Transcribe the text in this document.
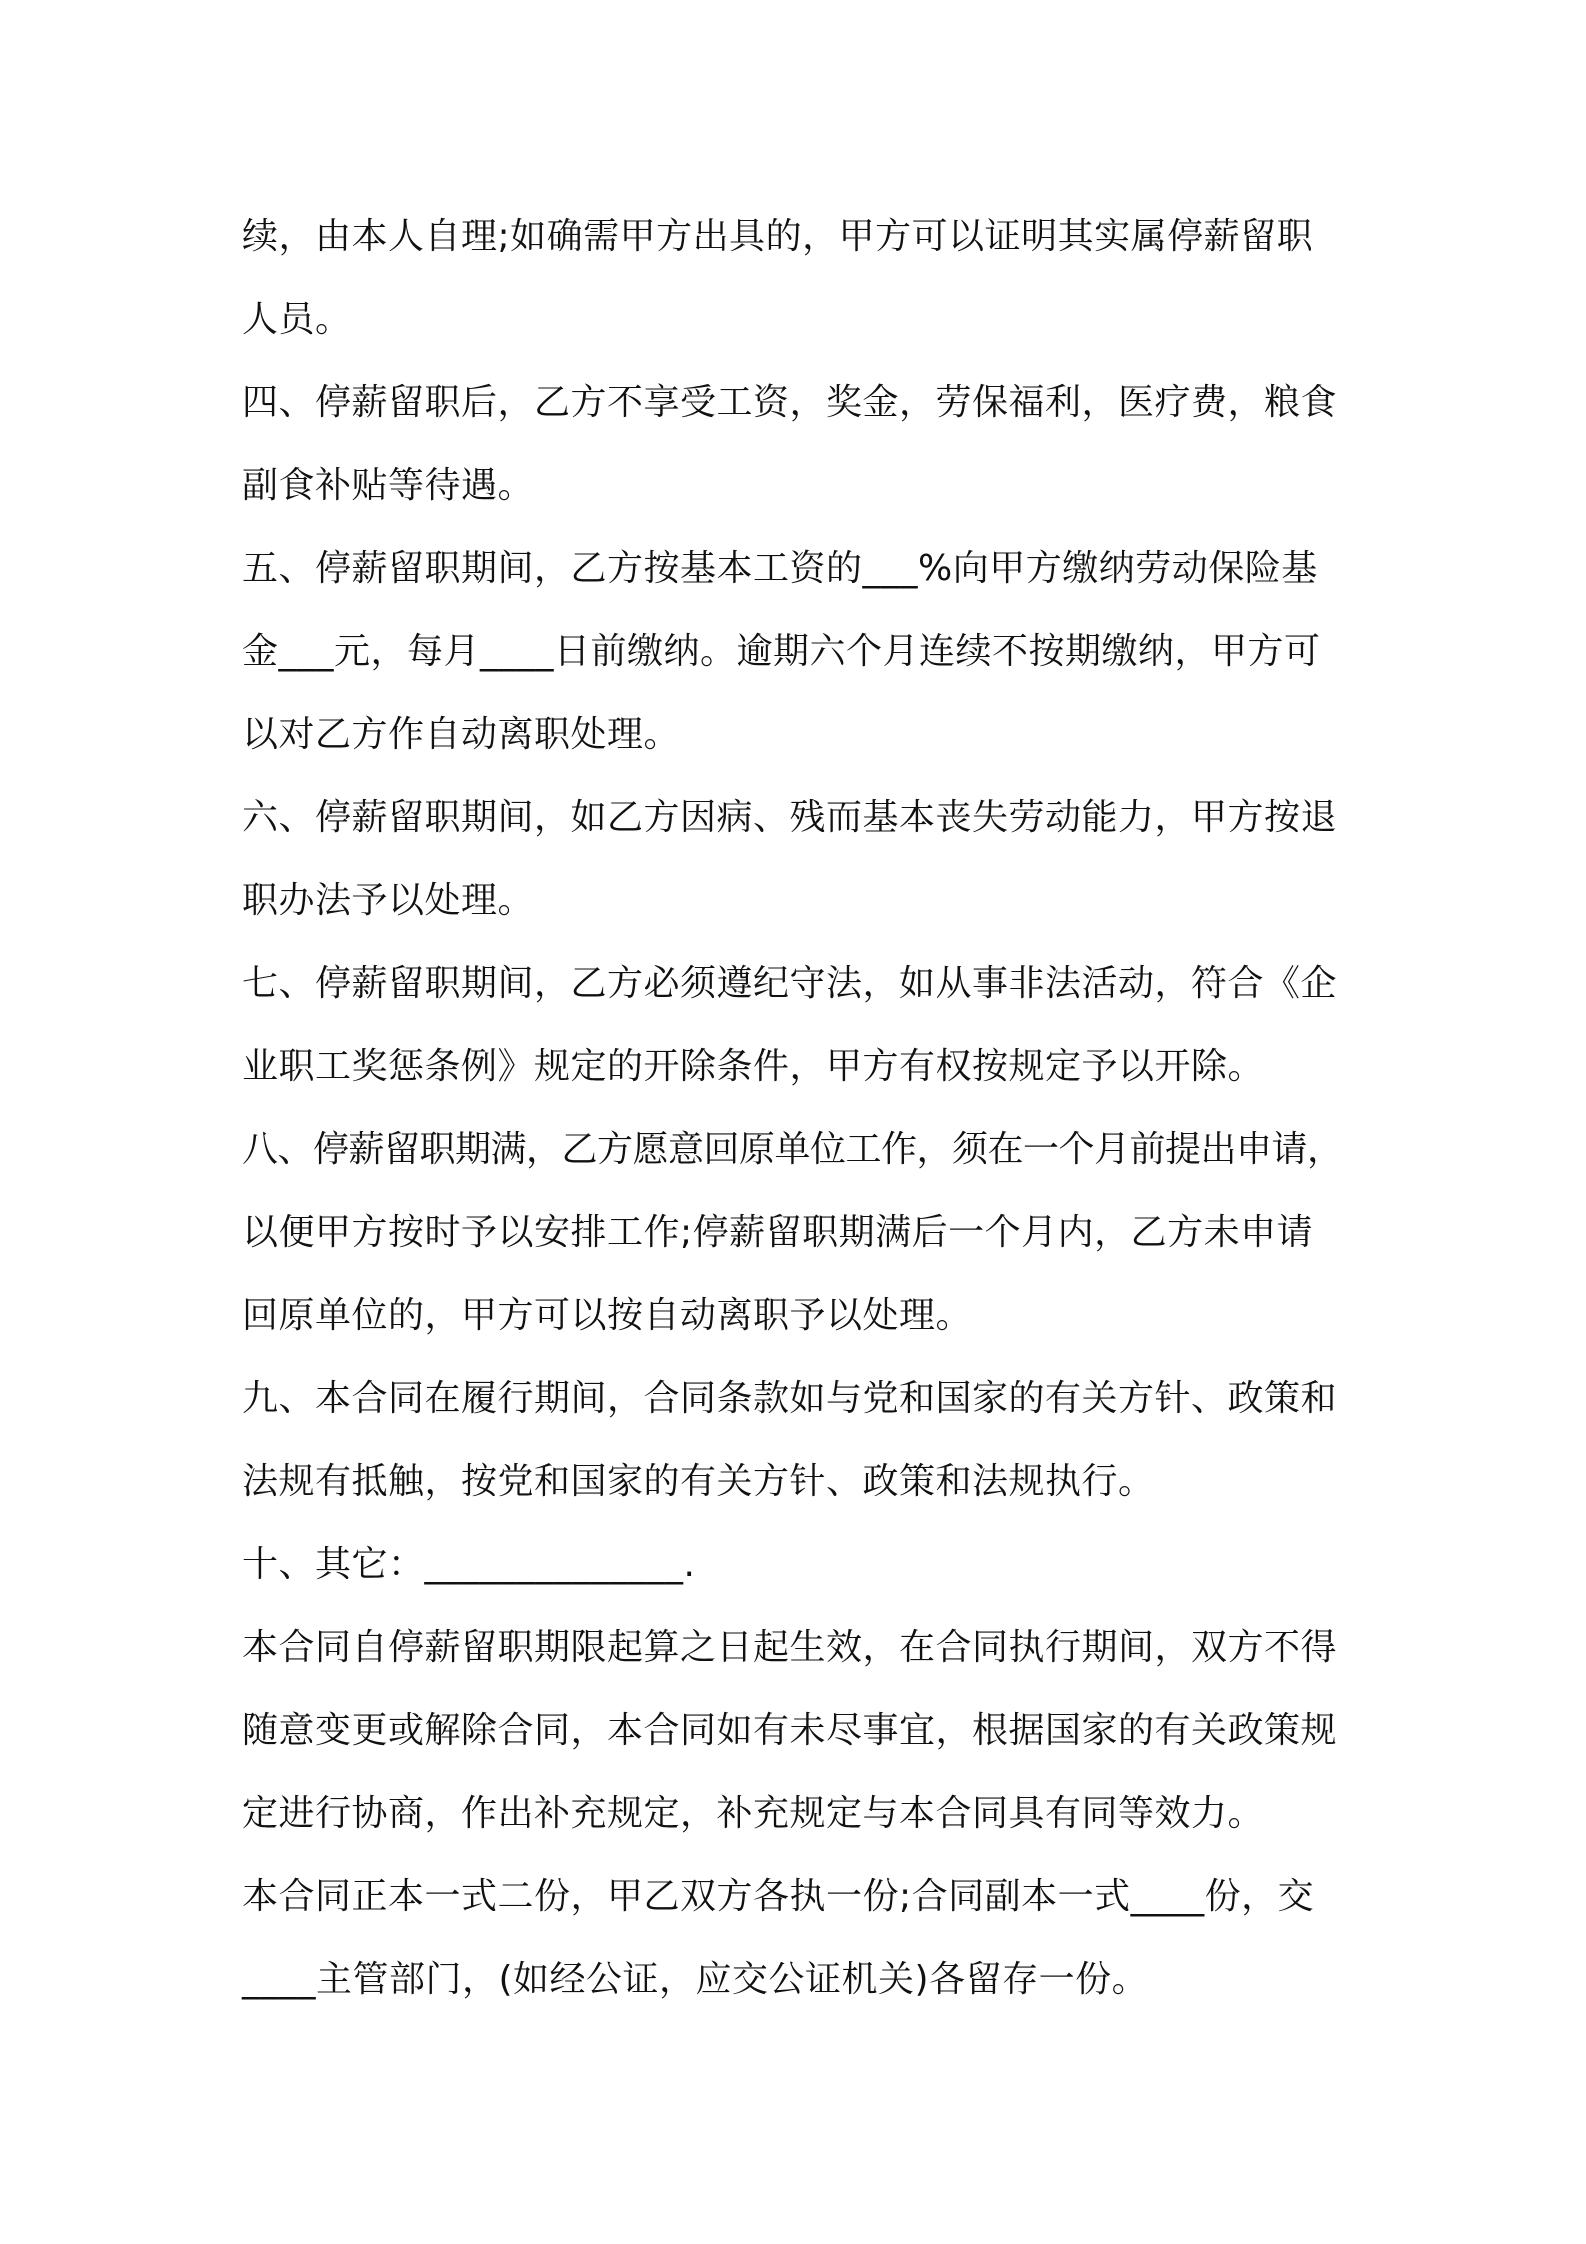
续，由本人自理;如确需甲方出具的，甲方可以证明其实属停薪留职
人员。
四、停薪留职后，乙方不享受工资，奖金，劳保福利，医疗费，粮食
副食补贴等待遇。
五、停薪留职期间，乙方按基本工资的___%向甲方缴纳劳动保险基
金___元，每月____日前缴纳。逾期六个月连续不按期缴纳，甲方可
以对乙方作自动离职处理。
六、停薪留职期间，如乙方因病、残而基本丧失劳动能力，甲方按退
职办法予以处理。
七、停薪留职期间，乙方必须遵纪守法，如从事非法活动，符合《企
业职工奖惩条例》规定的开除条件，甲方有权按规定予以开除。
八、停薪留职期满，乙方愿意回原单位工作，须在一个月前提出申请，
以便甲方按时予以安排工作;停薪留职期满后一个月内，乙方未申请
回原单位的，甲方可以按自动离职予以处理。
九、本合同在履行期间，合同条款如与党和国家的有关方针、政策和
法规有抵触，按党和国家的有关方针、政策和法规执行。
十、其它：______________.
本合同自停薪留职期限起算之日起生效，在合同执行期间，双方不得
随意变更或解除合同，本合同如有未尽事宜，根据国家的有关政策规
定进行协商，作出补充规定，补充规定与本合同具有同等效力。
本合同正本一式二份，甲乙双方各执一份;合同副本一式____份，交
____主管部门，(如经公证，应交公证机关)各留存一份。
